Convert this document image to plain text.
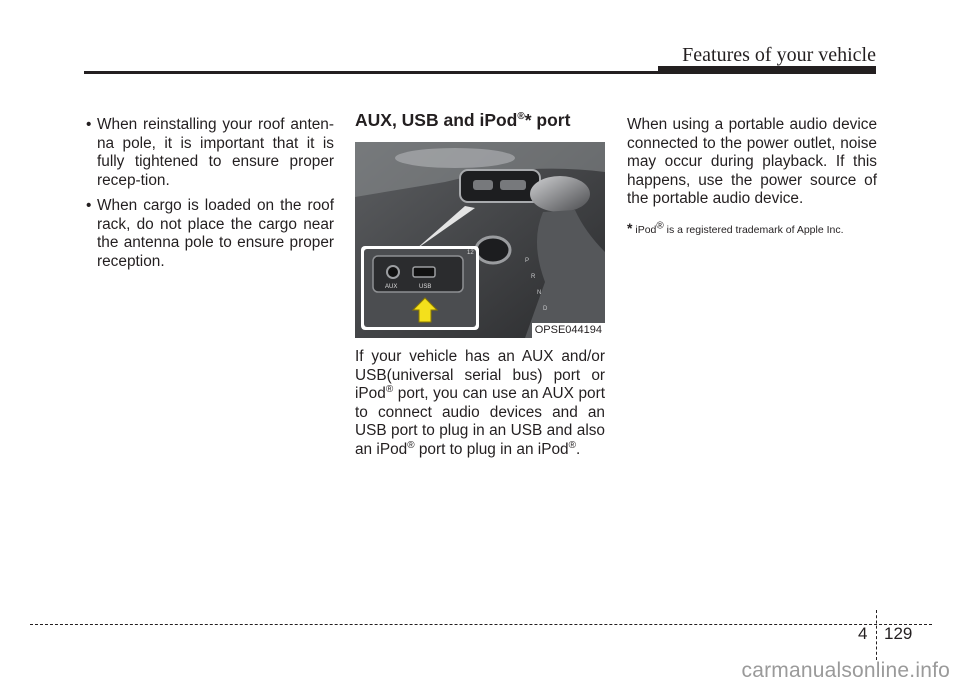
Features of your vehicle
• When reinstalling your roof anten-na pole, it is important that it is fully tightened to ensure proper recep-tion.
• When cargo is loaded on the roof rack, do not place the cargo near the antenna pole to ensure proper reception.
AUX, USB and iPod®* port
P
R
N
D
AUX	USB
12
OPSE044194
If your vehicle has an AUX and/or USB(universal serial bus) port or iPod® port, you can use an AUX port to connect audio devices and an USB port to plug in an USB and also an iPod® port to plug in an iPod®.

When using a portable audio device connected to the power outlet, noise may occur during playback. If this happens, use the power source of the portable audio device.

* iPod® is a registered trademark of Apple Inc.
4 129
carmanualsonline.info
